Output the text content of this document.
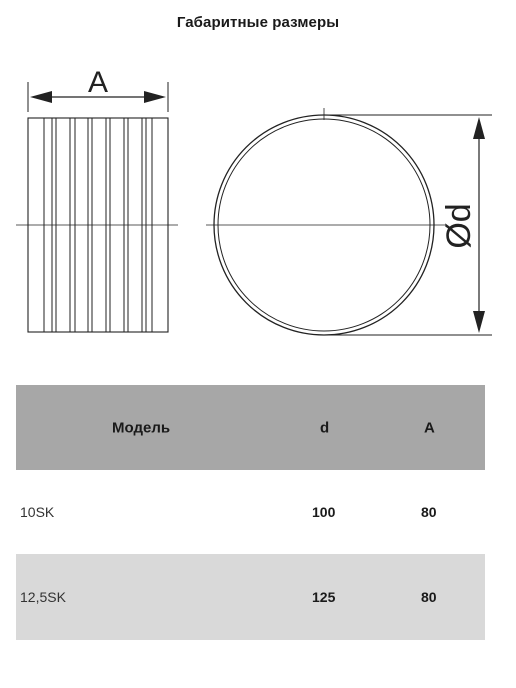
Габаритные размеры
A
Ød
Модель	d	A
10SK	100	80
12,5SK	125	80
